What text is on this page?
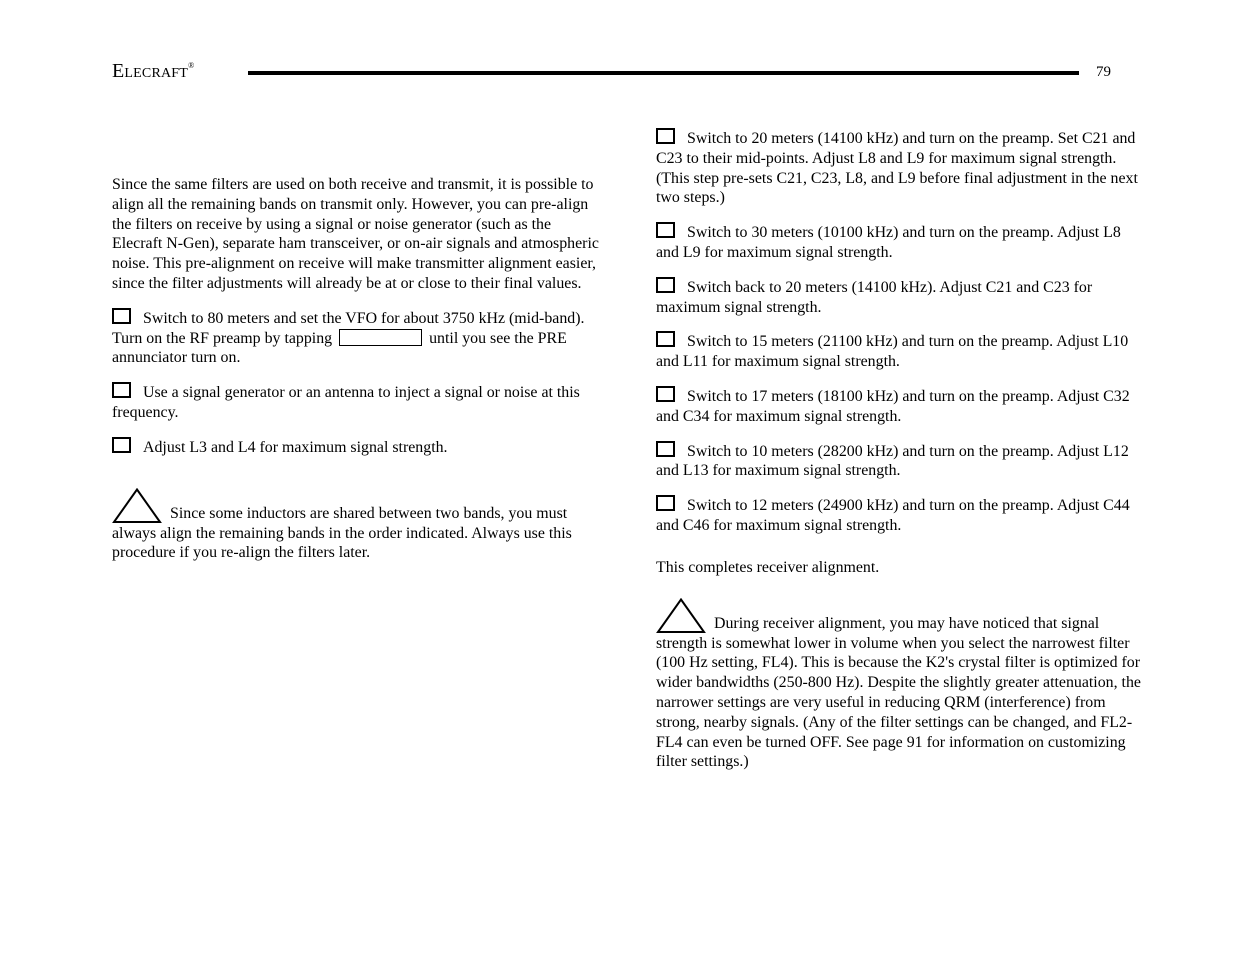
ELECRAFT®	79

Since the same filters are used on both receive and transmit, it is possible to align all the remaining bands on transmit only. However, you can pre-align the filters on receive by using a signal or noise generator (such as the Elecraft N-Gen), separate ham transceiver, or on-air signals and atmospheric noise. This pre-alignment on receive will make transmitter alignment easier, since the filter adjustments will already be at or close to their final values.

Switch to 80 meters and set the VFO for about 3750 kHz (mid-band). Turn on the RF preamp by tapping	until you see the PRE annunciator turn on.

Use a signal generator or an antenna to inject a signal or noise at this frequency.

Adjust L3 and L4 for maximum signal strength.

Since some inductors are shared between two bands, you must always align the remaining bands in the order indicated. Always use this procedure if you re-align the filters later.

Switch to 20 meters (14100 kHz) and turn on the preamp. Set C21 and C23 to their mid-points. Adjust L8 and L9 for maximum signal strength. (This step pre-sets C21, C23, L8, and L9 before final adjustment in the next two steps.)

Switch to 30 meters (10100 kHz) and turn on the preamp. Adjust L8 and L9 for maximum signal strength.

Switch back to 20 meters (14100 kHz). Adjust C21 and C23 for maximum signal strength.

Switch to 15 meters (21100 kHz) and turn on the preamp. Adjust L10 and L11 for maximum signal strength.

Switch to 17 meters (18100 kHz) and turn on the preamp. Adjust C32 and C34 for maximum signal strength.

Switch to 10 meters (28200 kHz) and turn on the preamp. Adjust L12 and L13 for maximum signal strength.

Switch to 12 meters (24900 kHz) and turn on the preamp. Adjust C44 and C46 for maximum signal strength.

This completes receiver alignment.

During receiver alignment, you may have noticed that signal strength is somewhat lower in volume when you select the narrowest filter (100 Hz setting, FL4). This is because the K2's crystal filter is optimized for wider bandwidths (250-800 Hz). Despite the slightly greater attenuation, the narrower settings are very useful in reducing QRM (interference) from strong, nearby signals. (Any of the filter settings can be changed, and FL2-FL4 can even be turned OFF. See page 91 for information on customizing filter settings.)
